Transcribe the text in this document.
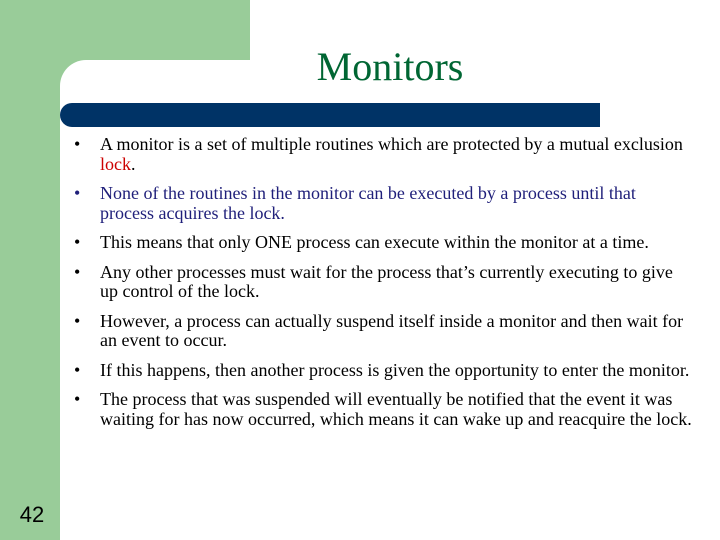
Monitors
• A monitor is a set of multiple routines which are protected by a mutual exclusion lock.
• None of the routines in the monitor can be executed by a process until that process acquires the lock.
• This means that only ONE process can execute within the monitor at a time.
• Any other processes must wait for the process that’s currently executing to give up control of the lock.
• However, a process can actually suspend itself inside a monitor and then wait for an event to occur.
• If this happens, then another process is given the opportunity to enter the monitor.
• The process that was suspended will eventually be notified that the event it was waiting for has now occurred, which means it can wake up and reacquire the lock.
42
